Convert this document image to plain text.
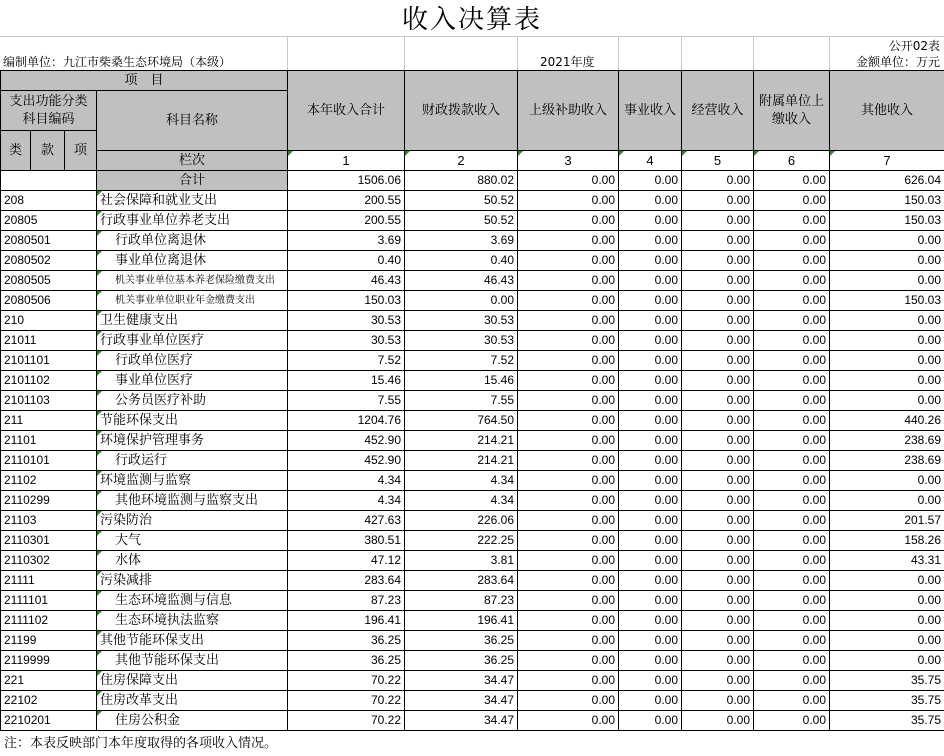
收入决算表
公开02表
编制单位：九江市柴桑生态环境局（本级）	2021年度	金额单位：万元
项　目				本年收入合计	财政拨款收入	上级补助收入	事业收入	经营收入	附属单位上缴收入	其他收入
支出功能分类科目编码			科目名称							
类	款	项								
			栏次	1	2	3	4	5	6	7
			合计	1506.06	880.02	0.00	0.00	0.00	0.00	626.04
208			社会保障和就业支出	200.55	50.52	0.00	0.00	0.00	0.00	150.03
20805			行政事业单位养老支出	200.55	50.52	0.00	0.00	0.00	0.00	150.03
2080501			行政单位离退休	3.69	3.69	0.00	0.00	0.00	0.00	0.00
2080502			事业单位离退休	0.40	0.40	0.00	0.00	0.00	0.00	0.00
2080505			机关事业单位基本养老保险缴费支出	46.43	46.43	0.00	0.00	0.00	0.00	0.00
2080506			机关事业单位职业年金缴费支出	150.03	0.00	0.00	0.00	0.00	0.00	150.03
210			卫生健康支出	30.53	30.53	0.00	0.00	0.00	0.00	0.00
21011			行政事业单位医疗	30.53	30.53	0.00	0.00	0.00	0.00	0.00
2101101			行政单位医疗	7.52	7.52	0.00	0.00	0.00	0.00	0.00
2101102			事业单位医疗	15.46	15.46	0.00	0.00	0.00	0.00	0.00
2101103			公务员医疗补助	7.55	7.55	0.00	0.00	0.00	0.00	0.00
211			节能环保支出	1204.76	764.50	0.00	0.00	0.00	0.00	440.26
21101			环境保护管理事务	452.90	214.21	0.00	0.00	0.00	0.00	238.69
2110101			行政运行	452.90	214.21	0.00	0.00	0.00	0.00	238.69
21102			环境监测与监察	4.34	4.34	0.00	0.00	0.00	0.00	0.00
2110299			其他环境监测与监察支出	4.34	4.34	0.00	0.00	0.00	0.00	0.00
21103			污染防治	427.63	226.06	0.00	0.00	0.00	0.00	201.57
2110301			大气	380.51	222.25	0.00	0.00	0.00	0.00	158.26
2110302			水体	47.12	3.81	0.00	0.00	0.00	0.00	43.31
21111			污染减排	283.64	283.64	0.00	0.00	0.00	0.00	0.00
2111101			生态环境监测与信息	87.23	87.23	0.00	0.00	0.00	0.00	0.00
2111102			生态环境执法监察	196.41	196.41	0.00	0.00	0.00	0.00	0.00
21199			其他节能环保支出	36.25	36.25	0.00	0.00	0.00	0.00	0.00
2119999			其他节能环保支出	36.25	36.25	0.00	0.00	0.00	0.00	0.00
221			住房保障支出	70.22	34.47	0.00	0.00	0.00	0.00	35.75
22102			住房改革支出	70.22	34.47	0.00	0.00	0.00	0.00	35.75
2210201			住房公积金	70.22	34.47	0.00	0.00	0.00	0.00	35.75
注：本表反映部门本年度取得的各项收入情况。
